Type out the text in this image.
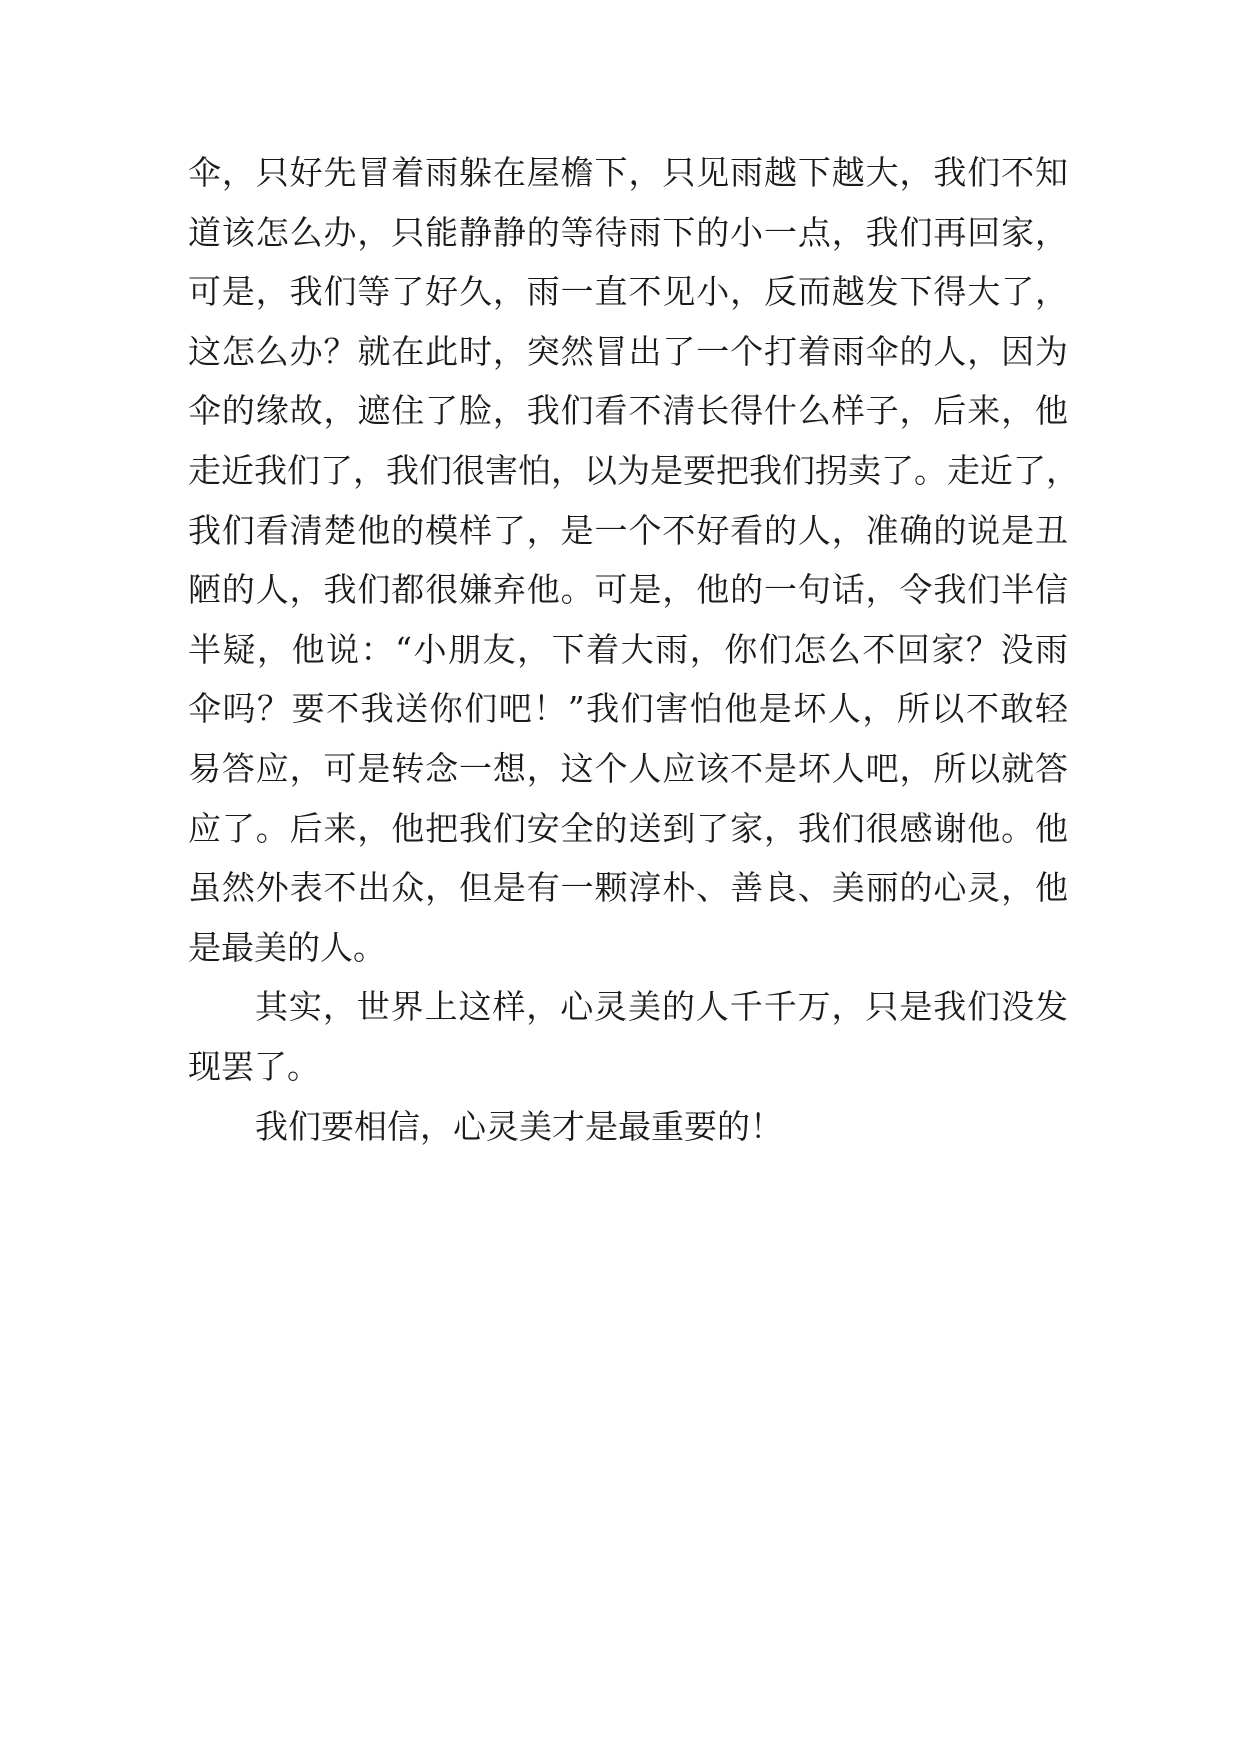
伞，只好先冒着雨躲在屋檐下，只见雨越下越大，我们不知
道该怎么办，只能静静的等待雨下的小一点，我们再回家，
可是，我们等了好久，雨一直不见小，反而越发下得大了，
这怎么办？就在此时，突然冒出了一个打着雨伞的人，因为
伞的缘故，遮住了脸，我们看不清长得什么样子，后来，他
走近我们了，我们很害怕，以为是要把我们拐卖了。走近了，
我们看清楚他的模样了，是一个不好看的人，准确的说是丑
陋的人，我们都很嫌弃他。可是，他的一句话，令我们半信
半疑，他说：“小朋友，下着大雨，你们怎么不回家？没雨
伞吗？要不我送你们吧！”我们害怕他是坏人，所以不敢轻
易答应，可是转念一想，这个人应该不是坏人吧，所以就答
应了。后来，他把我们安全的送到了家，我们很感谢他。他
虽然外表不出众，但是有一颗淳朴、善良、美丽的心灵，他
是最美的人。
其实，世界上这样，心灵美的人千千万，只是我们没发
现罢了。
我们要相信，心灵美才是最重要的！
